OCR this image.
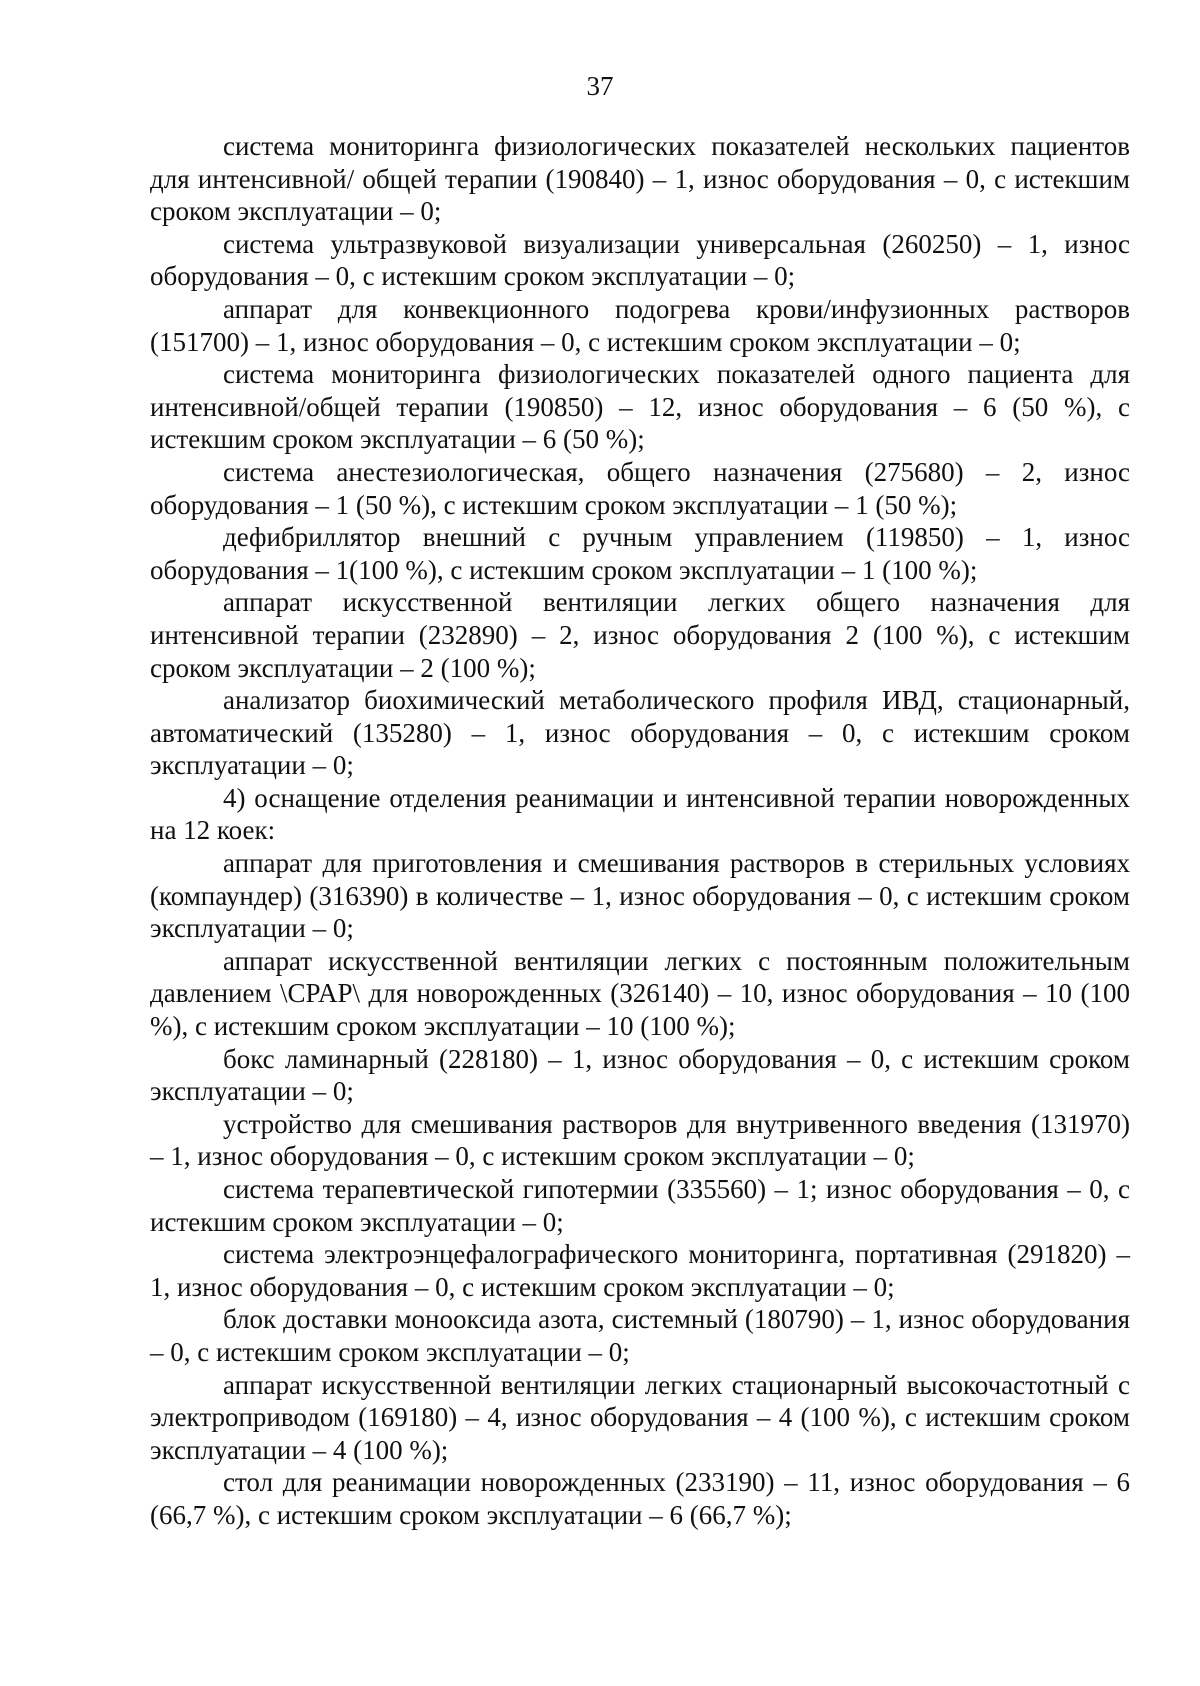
37

система мониторинга физиологических показателей нескольких пациентов для интенсивной/ общей терапии (190840) – 1, износ оборудования – 0, с истекшим сроком эксплуатации – 0;

система ультразвуковой визуализации универсальная (260250) – 1, износ оборудования – 0, с истекшим сроком эксплуатации – 0;

аппарат для конвекционного подогрева крови/инфузионных растворов (151700) – 1, износ оборудования – 0, с истекшим сроком эксплуатации – 0;

система мониторинга физиологических показателей одного пациента для интенсивной/общей терапии (190850) – 12, износ оборудования – 6 (50 %), с истекшим сроком эксплуатации – 6 (50 %);

система анестезиологическая, общего назначения (275680) – 2, износ оборудования – 1 (50 %), с истекшим сроком эксплуатации – 1 (50 %);

дефибриллятор внешний с ручным управлением (119850) – 1, износ оборудования – 1(100 %), с истекшим сроком эксплуатации – 1 (100 %);

аппарат искусственной вентиляции легких общего назначения для интенсивной терапии (232890) – 2, износ оборудования 2 (100 %), с истекшим сроком эксплуатации – 2 (100 %);

анализатор биохимический метаболического профиля ИВД, стационарный, автоматический (135280) – 1, износ оборудования – 0, с истекшим сроком эксплуатации – 0;

4) оснащение отделения реанимации и интенсивной терапии новорожденных на 12 коек:

аппарат для приготовления и смешивания растворов в стерильных условиях (компаундер) (316390) в количестве – 1, износ оборудования – 0, с истекшим сроком эксплуатации – 0;

аппарат искусственной вентиляции легких с постоянным положительным давлением \CPAP\ для новорожденных (326140) – 10, износ оборудования – 10 (100 %), с истекшим сроком эксплуатации – 10 (100 %);

бокс ламинарный (228180) – 1, износ оборудования – 0, с истекшим сроком эксплуатации – 0;

устройство для смешивания растворов для внутривенного введения (131970) – 1, износ оборудования – 0, с истекшим сроком эксплуатации – 0;

система терапевтической гипотермии (335560) – 1; износ оборудования – 0, с истекшим сроком эксплуатации – 0;

система электроэнцефалографического мониторинга, портативная (291820) – 1, износ оборудования – 0, с истекшим сроком эксплуатации – 0;

блок доставки монооксида азота, системный (180790) – 1, износ оборудования – 0, с истекшим сроком эксплуатации – 0;

аппарат искусственной вентиляции легких стационарный высокочастотный с электроприводом (169180) – 4, износ оборудования – 4 (100 %), с истекшим сроком эксплуатации – 4 (100 %);

стол для реанимации новорожденных (233190) – 11, износ оборудования – 6 (66,7 %), с истекшим сроком эксплуатации – 6 (66,7 %);
